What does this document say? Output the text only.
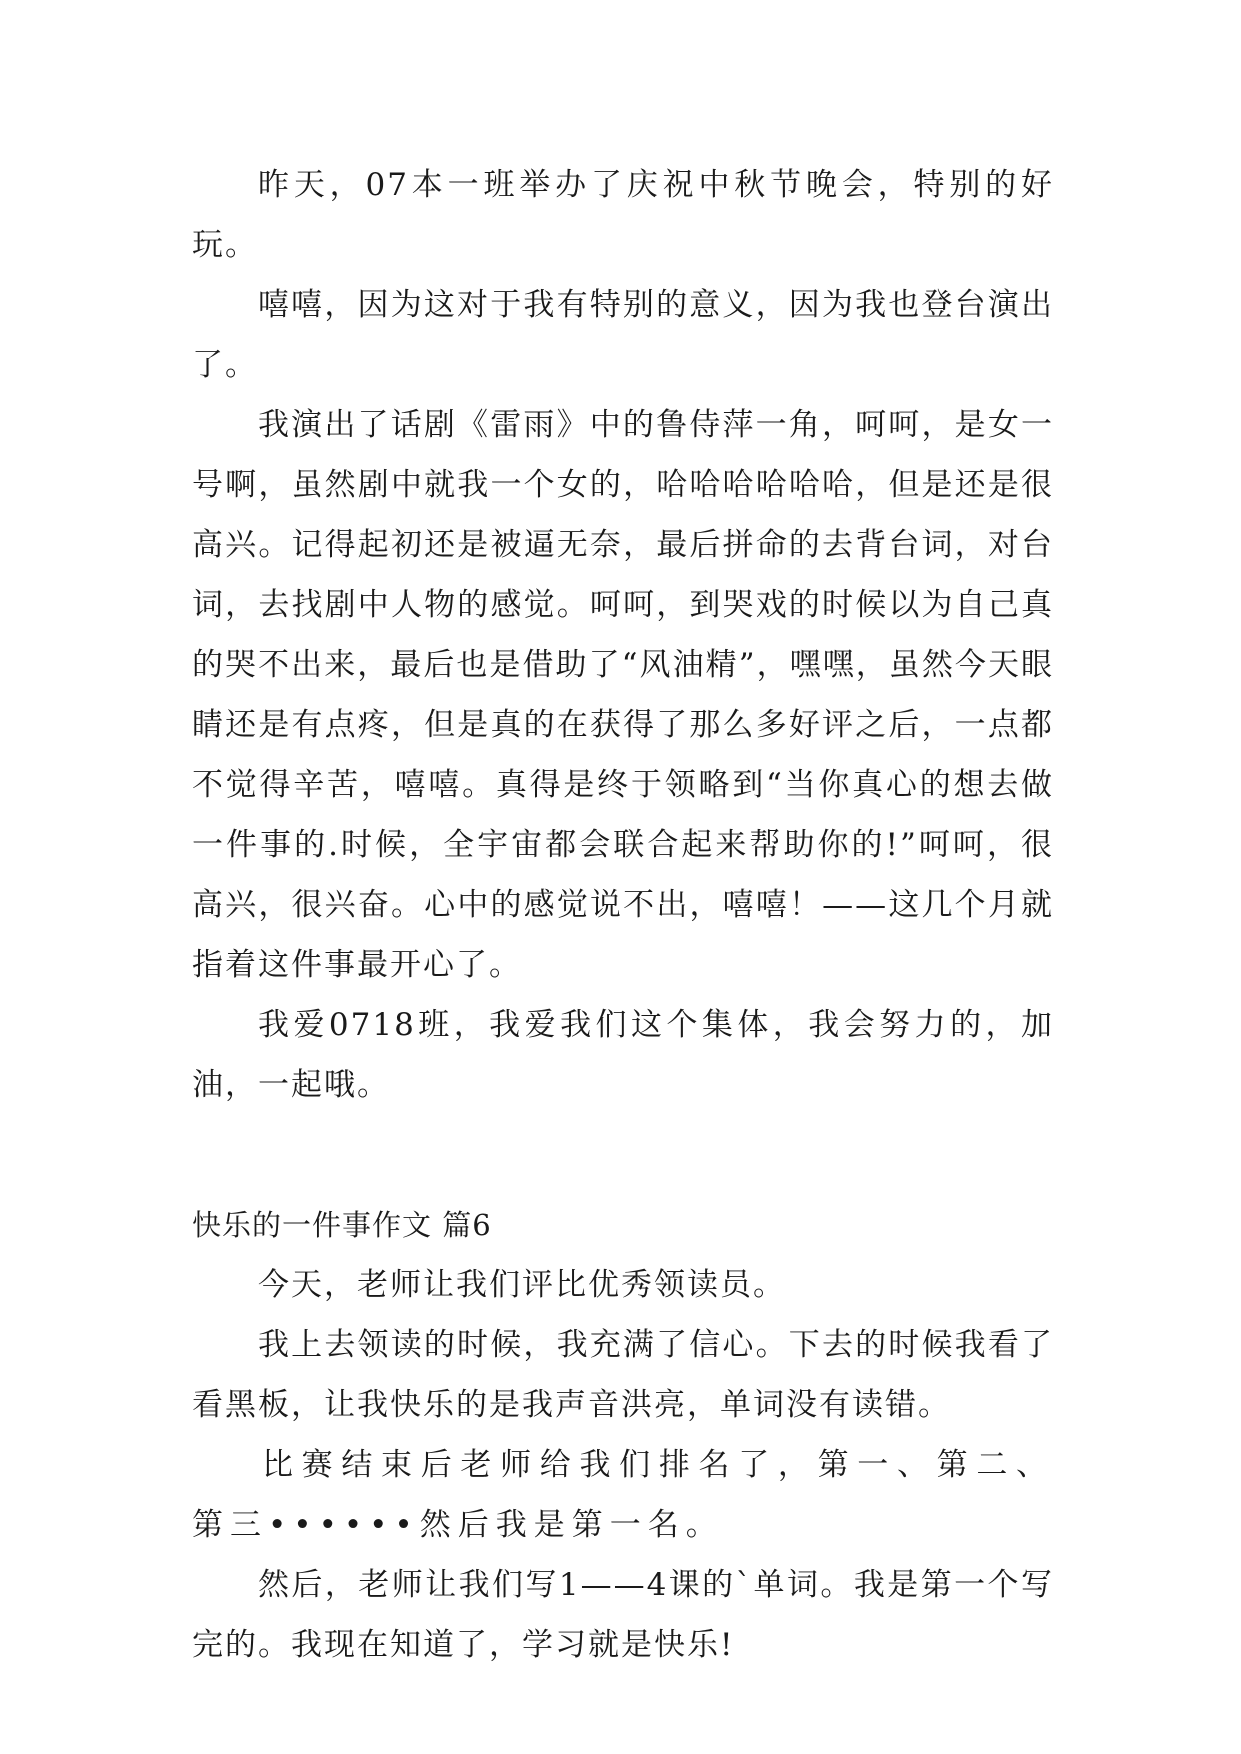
昨天，07本一班举办了庆祝中秋节晚会，特别的好玩。

嘻嘻，因为这对于我有特别的意义，因为我也登台演出了。

我演出了话剧《雷雨》中的鲁侍萍一角，呵呵，是女一号啊，虽然剧中就我一个女的，哈哈哈哈哈哈，但是还是很高兴。记得起初还是被逼无奈，最后拼命的去背台词，对台词，去找剧中人物的感觉。呵呵，到哭戏的时候以为自己真的哭不出来，最后也是借助了“风油精”，嘿嘿，虽然今天眼睛还是有点疼，但是真的在获得了那么多好评之后，一点都不觉得辛苦，嘻嘻。真得是终于领略到“当你真心的想去做一件事的.时候，全宇宙都会联合起来帮助你的!”呵呵，很高兴，很兴奋。心中的感觉说不出，嘻嘻！——这几个月就指着这件事最开心了。

我爱0718班，我爱我们这个集体，我会努力的，加油，一起哦。

快乐的一件事作文 篇6

今天，老师让我们评比优秀领读员。

我上去领读的时候，我充满了信心。下去的时候我看了看黑板，让我快乐的是我声音洪亮，单词没有读错。

比赛结束后老师给我们排名了，第一、第二、第三••••••然后我是第一名。

然后，老师让我们写1——4课的`单词。我是第一个写完的。我现在知道了，学习就是快乐!
